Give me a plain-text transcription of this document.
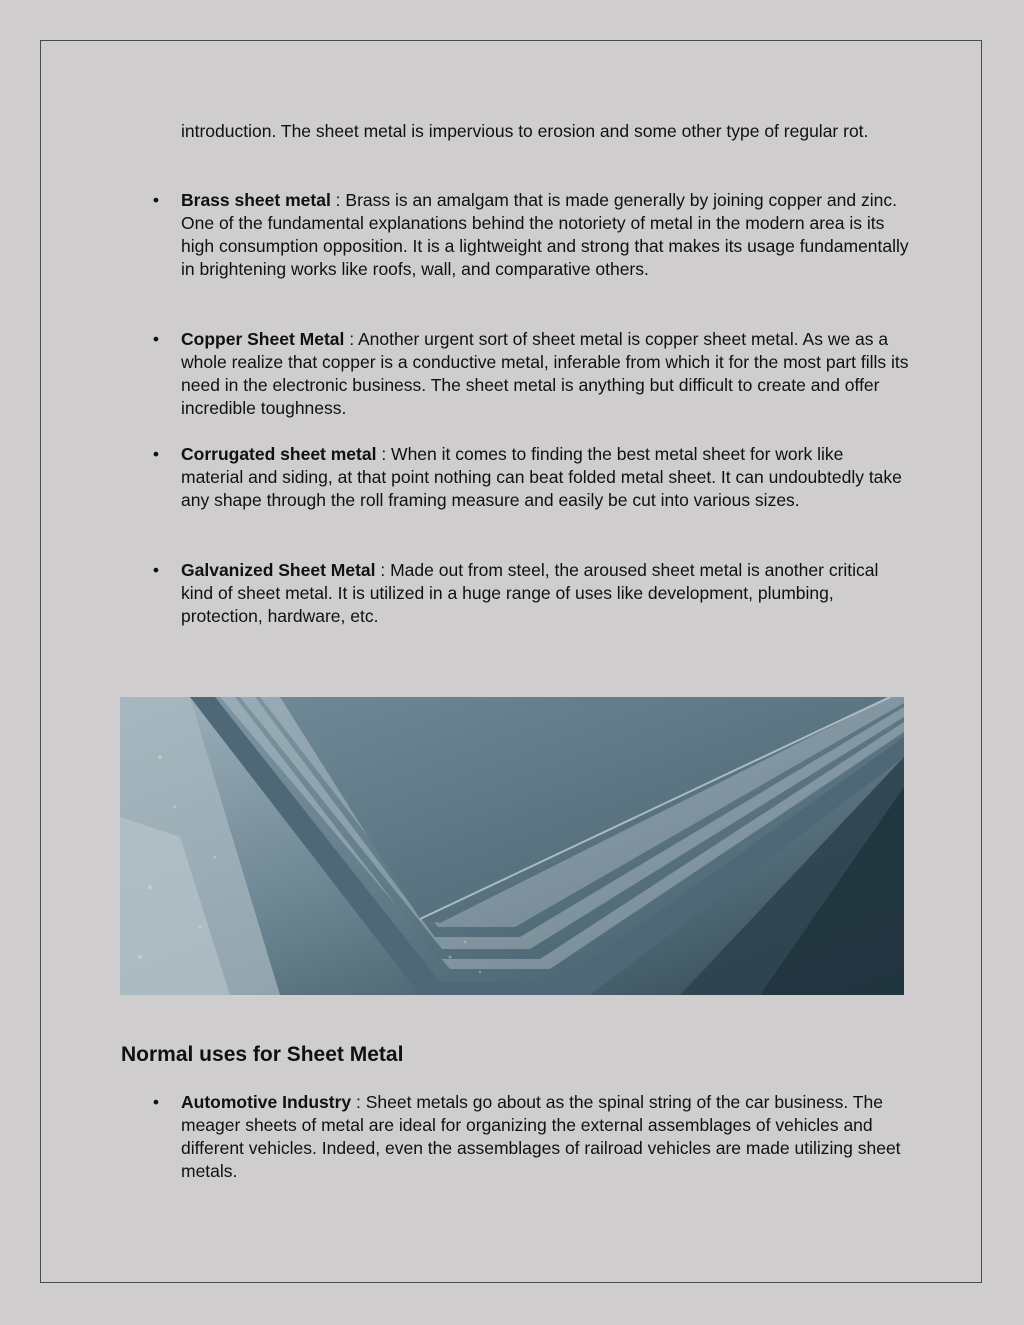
introduction. The sheet metal is impervious to erosion and some other type of regular rot.

• Brass sheet metal : Brass is an amalgam that is made generally by joining copper and zinc. One of the fundamental explanations behind the notoriety of metal in the modern area is its high consumption opposition. It is a lightweight and strong that makes its usage fundamentally in brightening works like roofs, wall, and comparative others.
• Copper Sheet Metal : Another urgent sort of sheet metal is copper sheet metal. As we as a whole realize that copper is a conductive metal, inferable from which it for the most part fills its need in the electronic business. The sheet metal is anything but difficult to create and offer incredible toughness.
• Corrugated sheet metal : When it comes to finding the best metal sheet for work like material and siding, at that point nothing can beat folded metal sheet. It can undoubtedly take any shape through the roll framing measure and easily be cut into various sizes.
• Galvanized Sheet Metal : Made out from steel, the aroused sheet metal is another critical kind of sheet metal. It is utilized in a huge range of uses like development, plumbing, protection, hardware, etc.
Normal uses for Sheet Metal
• Automotive Industry : Sheet metals go about as the spinal string of the car business. The meager sheets of metal are ideal for organizing the external assemblages of vehicles and different vehicles. Indeed, even the assemblages of railroad vehicles are made utilizing sheet metals.
